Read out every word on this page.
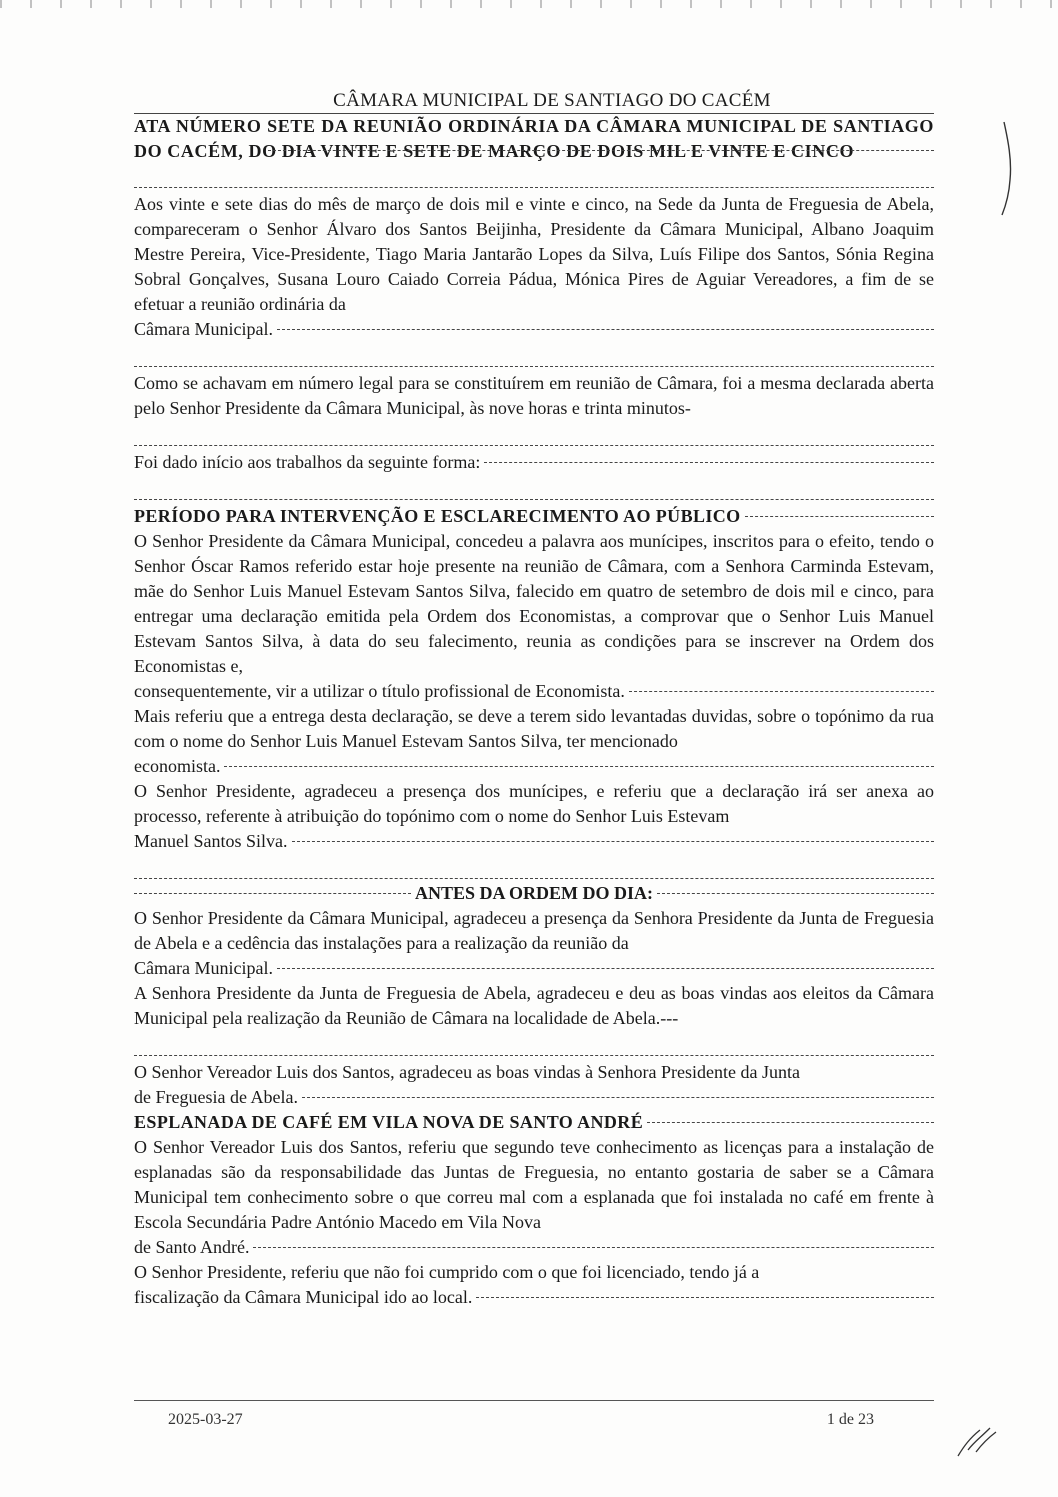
CÂMARA MUNICIPAL DE SANTIAGO DO CACÉM
ATA NÚMERO SETE DA REUNIÃO ORDINÁRIA DA CÂMARA MUNICIPAL DE SANTIAGO DO CACÉM, DO DIA VINTE E SETE DE MARÇO DE DOIS MIL E VINTE E CINCO

Aos vinte e sete dias do mês de março de dois mil e vinte e cinco, na Sede da Junta de Freguesia de Abela, compareceram o Senhor Álvaro dos Santos Beijinha, Presidente da Câmara Municipal, Albano Joaquim Mestre Pereira, Vice-Presidente, Tiago Maria Jantarão Lopes da Silva, Luís Filipe dos Santos, Sónia Regina Sobral Gonçalves, Susana Louro Caiado Correia Pádua, Mónica Pires de Aguiar Vereadores, a fim de se efetuar a reunião ordinária da

Câmara Municipal.

Como se achavam em número legal para se constituírem em reunião de Câmara, foi a mesma declarada aberta pelo Senhor Presidente da Câmara Municipal, às nove horas e trinta minutos-

Foi dado início aos trabalhos da seguinte forma:
PERÍODO PARA INTERVENÇÃO E ESCLARECIMENTO AO PÚBLICO

O Senhor Presidente da Câmara Municipal, concedeu a palavra aos munícipes, inscritos para o efeito, tendo o Senhor Óscar Ramos referido estar hoje presente na reunião de Câmara, com a Senhora Carminda Estevam, mãe do Senhor Luis Manuel Estevam Santos Silva, falecido em quatro de setembro de dois mil e cinco, para entregar uma declaração emitida pela Ordem dos Economistas, a comprovar que o Senhor Luis Manuel Estevam Santos Silva, à data do seu falecimento, reunia as condições para se inscrever na Ordem dos Economistas e,

consequentemente, vir a utilizar o título profissional de Economista.

Mais referiu que a entrega desta declaração, se deve a terem sido levantadas duvidas, sobre o topónimo da rua com o nome do Senhor Luis Manuel Estevam Santos Silva, ter mencionado

economista.

O Senhor Presidente, agradeceu a presença dos munícipes, e referiu que a declaração irá ser anexa ao processo, referente à atribuição do topónimo com o nome do Senhor Luis Estevam

Manuel Santos Silva.
ANTES DA ORDEM DO DIA:

O Senhor Presidente da Câmara Municipal, agradeceu a presença da Senhora Presidente da Junta de Freguesia de Abela e a cedência das instalações para a realização da reunião da

Câmara Municipal.

A Senhora Presidente da Junta de Freguesia de Abela, agradeceu e deu as boas vindas aos eleitos da Câmara Municipal pela realização da Reunião de Câmara na localidade de Abela.---

O Senhor Vereador Luis dos Santos, agradeceu as boas vindas à Senhora Presidente da Junta

de Freguesia de Abela.
ESPLANADA DE CAFÉ EM VILA NOVA DE SANTO ANDRÉ

O Senhor Vereador Luis dos Santos, referiu que segundo teve conhecimento as licenças para a instalação de esplanadas são da responsabilidade das Juntas de Freguesia, no entanto gostaria de saber se a Câmara Municipal tem conhecimento sobre o que correu mal com a esplanada que foi instalada no café em frente à Escola Secundária Padre António Macedo em Vila Nova

de Santo André.

O Senhor Presidente, referiu que não foi cumprido com o que foi licenciado, tendo já a

fiscalização da Câmara Municipal ido ao local.
2025-03-27	1 de 23
